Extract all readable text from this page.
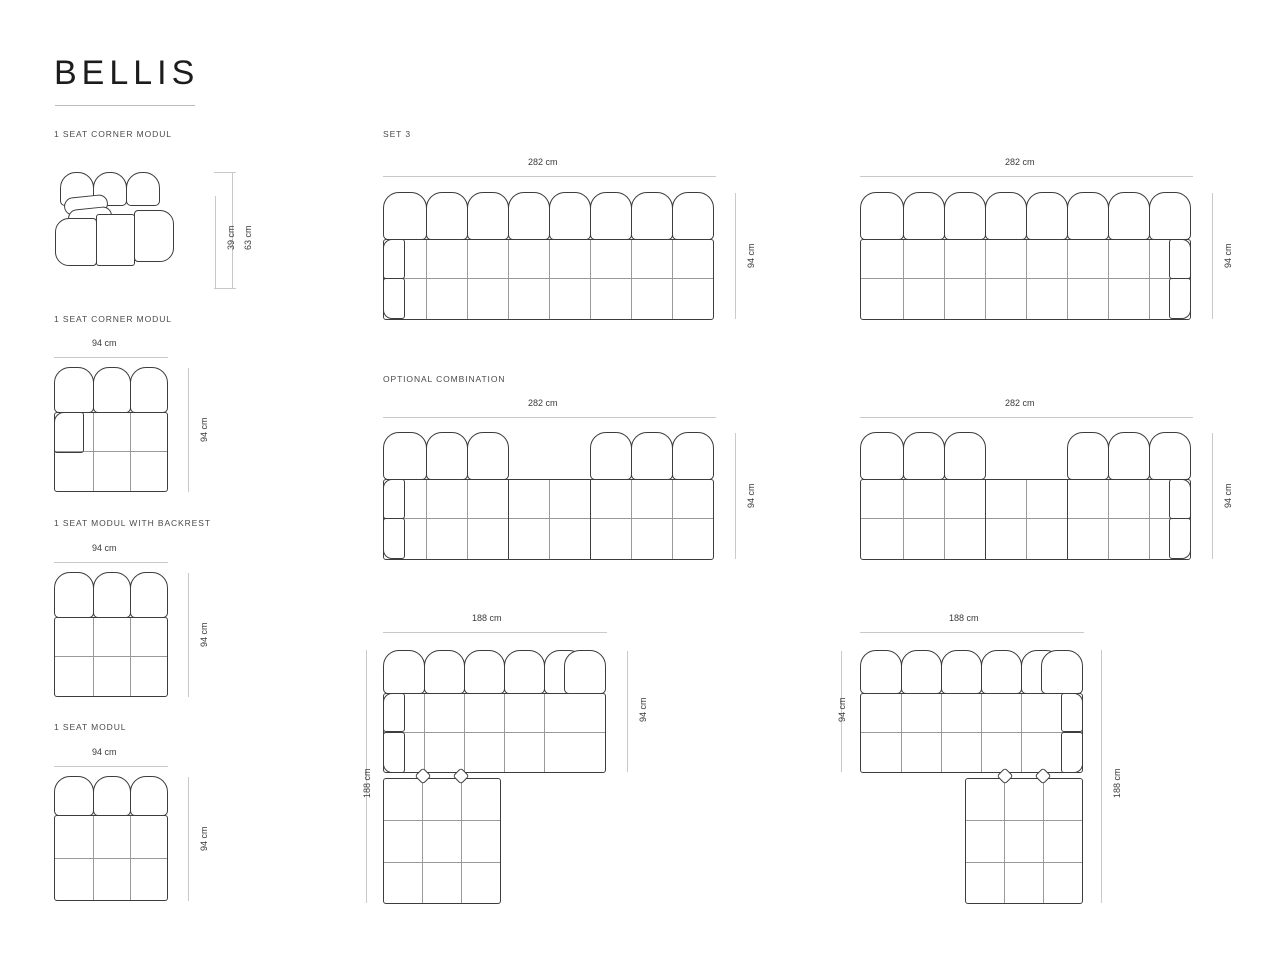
BELLIS
1 SEAT CORNER MODUL
63 cm
39 cm
1 SEAT CORNER MODUL
94 cm
94 cm
1 SEAT MODUL WITH BACKREST
94 cm
94 cm
1 SEAT MODUL
94 cm
94 cm
SET 3
OPTIONAL COMBINATION
282 cm
94 cm
282 cm
94 cm
282 cm
94 cm
282 cm
94 cm
188 cm
188 cm
94 cm
188 cm
188 cm
94 cm
